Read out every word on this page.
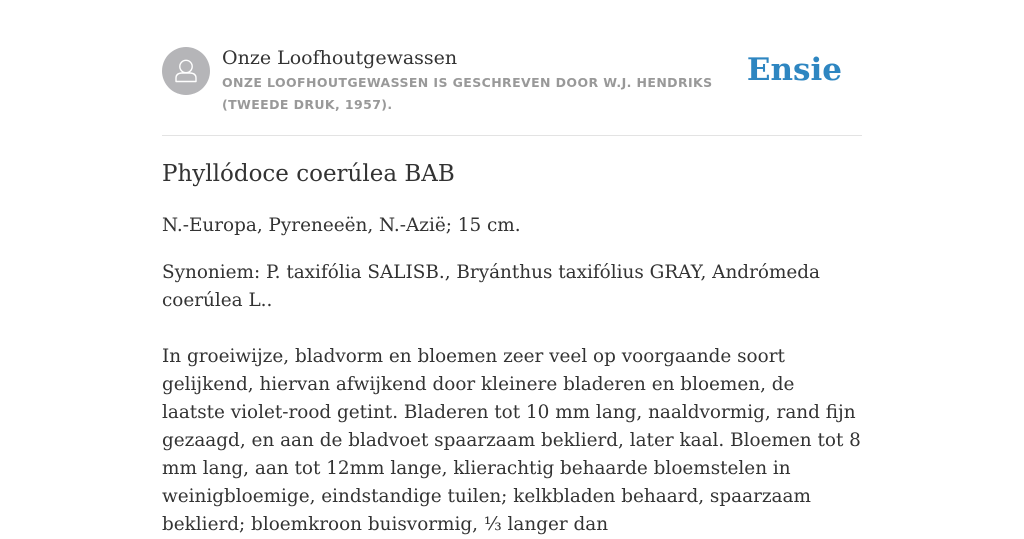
Onze Loofhoutgewassen
ONZE LOOFHOUTGEWASSEN IS GESCHREVEN DOOR W.J. HENDRIKS (TWEEDE DRUK, 1957).
Ensie
Phyllódoce coerúlea BAB

N.-Europa, Pyreneeën, N.-Azië; 15 cm.

Synoniem: P. taxifólia SALISB., Bryánthus taxifólius GRAY, Andrómeda coerúlea L..

In groeiwijze, bladvorm en bloemen zeer veel op voorgaande soort gelijkend, hiervan afwijkend door kleinere bladeren en bloemen, de laatste violet-rood getint. Bladeren tot 10 mm lang, naaldvormig, rand fijn gezaagd, en aan de bladvoet spaarzaam beklierd, later kaal. Bloemen tot 8 mm lang, aan tot 12mm lange, klierachtig behaarde bloemstelen in weinigbloemige, eindstandige tuilen; kelkbladen behaard, spaarzaam beklierd; bloemkroon buisvormig, ⅓ langer dan
